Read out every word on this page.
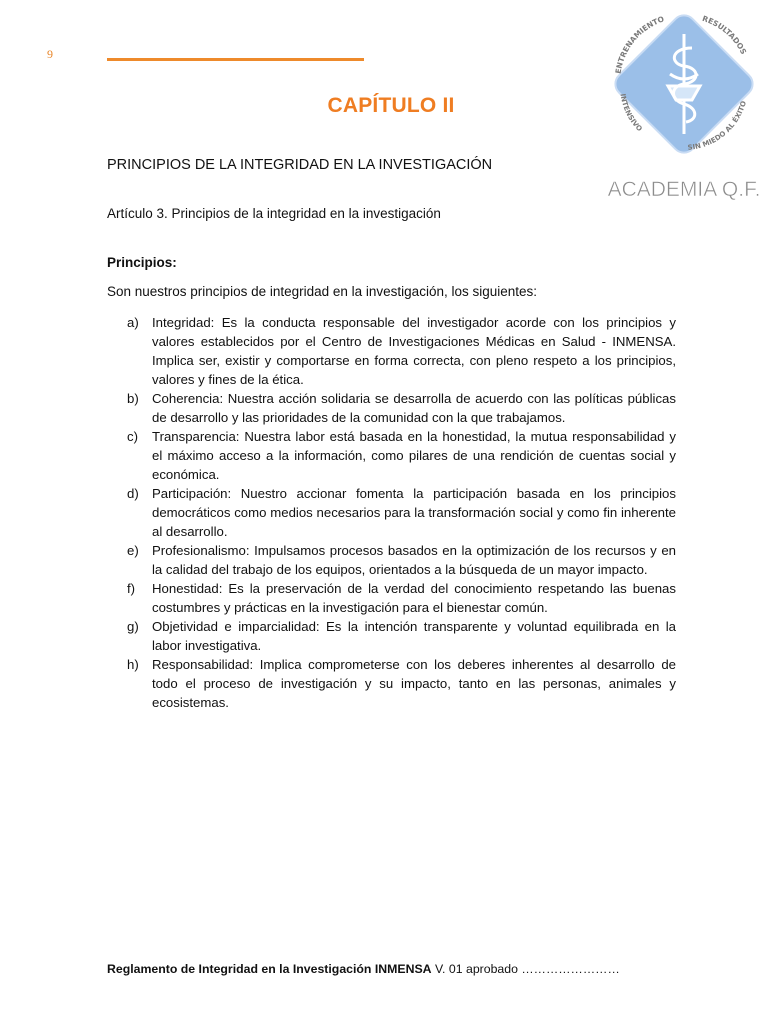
9
ENTRENAMIENTO	RESULTADOS
INTENSIVO
SIN MIEDO AL ÉXITO
ACADEMIA Q.F.
CAPÍTULO II
PRINCIPIOS DE LA INTEGRIDAD EN LA INVESTIGACIÓN
Artículo 3. Principios de la integridad en la investigación
Principios:
Son nuestros principios de integridad en la investigación, los siguientes:
a) Integridad: Es la conducta responsable del investigador acorde con los principios y valores establecidos por el Centro de Investigaciones Médicas en Salud - INMENSA. Implica ser, existir y comportarse en forma correcta, con pleno respeto a los principios, valores y fines de la ética.
b) Coherencia: Nuestra acción solidaria se desarrolla de acuerdo con las políticas públicas de desarrollo y las prioridades de la comunidad con la que trabajamos.
c) Transparencia: Nuestra labor está basada en la honestidad, la mutua responsabilidad y el máximo acceso a la información, como pilares de una rendición de cuentas social y económica.
d) Participación: Nuestro accionar fomenta la participación basada en los principios democráticos como medios necesarios para la transformación social y como fin inherente al desarrollo.
e) Profesionalismo: Impulsamos procesos basados en la optimización de los recursos y en la calidad del trabajo de los equipos, orientados a la búsqueda de un mayor impacto.
f) Honestidad: Es la preservación de la verdad del conocimiento respetando las buenas costumbres y prácticas en la investigación para el bienestar común.
g) Objetividad e imparcialidad: Es la intención transparente y voluntad equilibrada en la labor investigativa.
h) Responsabilidad: Implica comprometerse con los deberes inherentes al desarrollo de todo el proceso de investigación y su impacto, tanto en las personas, animales y ecosistemas.
Reglamento de Integridad en la Investigación INMENSA V. 01 aprobado ……………………
